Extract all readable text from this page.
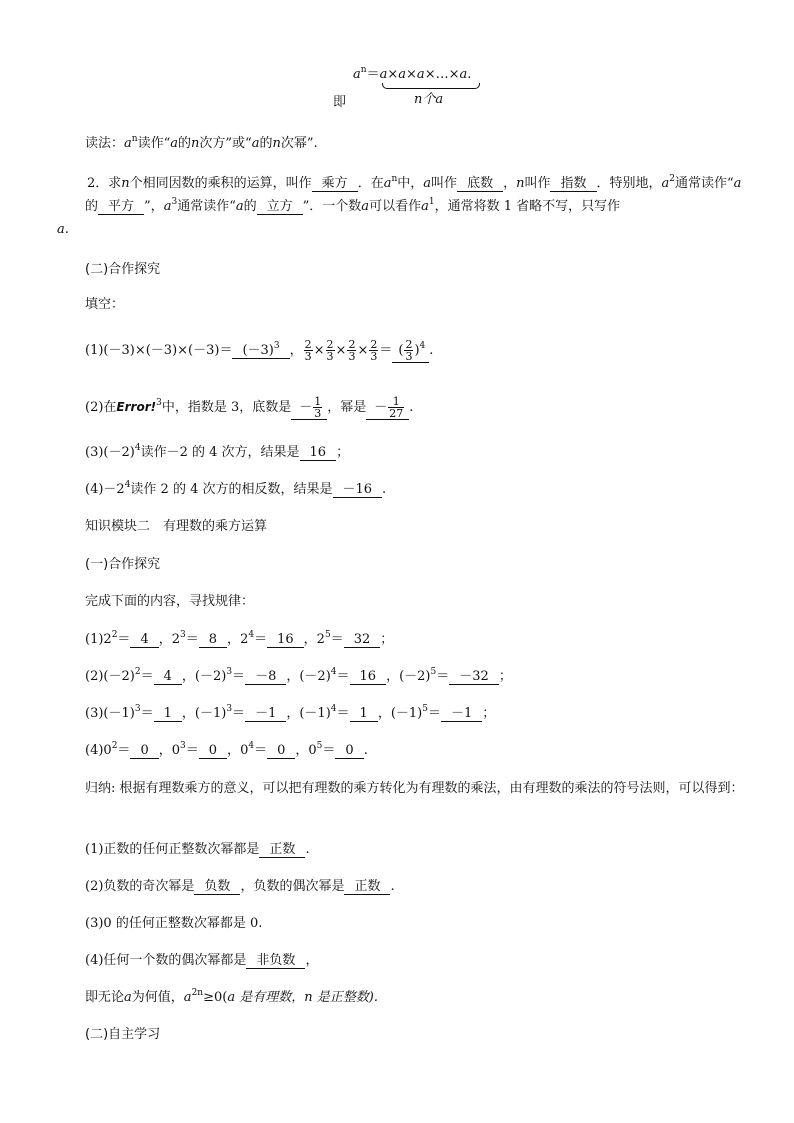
$a^n=a\times a\times a\times\dots\times a$.
即	n个a
读法：$a^n$读作“a的n次方”或“a的n次幂”.
2．求n个相同因数的乘积的运算，叫作 乘方 ．在$a^n$中，a叫作 底数 ，n叫作 指数 ．特别地，$a^2$通常读作“a的 平方 ”，$a^3$通常读作“a的 立方 ”．一个数a可以看作$a^1$，通常将数 1 省略不写，只写作
a.
(二)合作探究
填空：
$(1)(-3)\times(-3)\times(-3)= (-3)^3$ ， $\frac{2}{3} \times \frac{2}{3} \times \frac{2}{3} \times \frac{2}{3}$ ＝ ( $\frac{2}{3} )^4$ .
(2)在Error!$^3$中，指数是 3，底数是 － $\frac{1}{3}$ ，幂是 － $\frac{1}{27}$ .
$(3)(-2)^4$读作－2 的 4 次方，结果是 16 ；
$(4)-2^4$读作 2 的 4 次方的相反数，结果是 －16 .
知识模块二　有理数的乘方运算
(一)合作探究
完成下面的内容，寻找规律：
$(1)2^2= 4$ ，$2^3= 8$ ，$2^4= 16$ ，$2^5= 32$ ；
$(2)(-2)^2= 4$ ，$(-2)^3= -8$ ，$(-2)^4= 16$ ，$(-2)^5= -32$ ；
$(3)(-1)^3= 1$ ，$(-1)^3= -1$ ，$(-1)^4= 1$ ，$(-1)^5= -1$ ；
$(4)0^2= 0$ ，$0^3= 0$ ，$0^4= 0$ ，$0^5= 0$ .
归纳: 根据有理数乘方的意义，可以把有理数的乘方转化为有理数的乘法，由有理数的乘法的符号法则，可以得到：
(1)正数的任何正整数次幂都是 正数 .
(2)负数的奇次幂是 负数 ，负数的偶次幂是 正数 .
(3)0 的任何正整数次幂都是 0.
(4)任何一个数的偶次幂都是 非负数 ，
即无论a为何值，$a^{2n}\ge 0(a$ 是有理数，n 是正整数).
(二)自主学习
